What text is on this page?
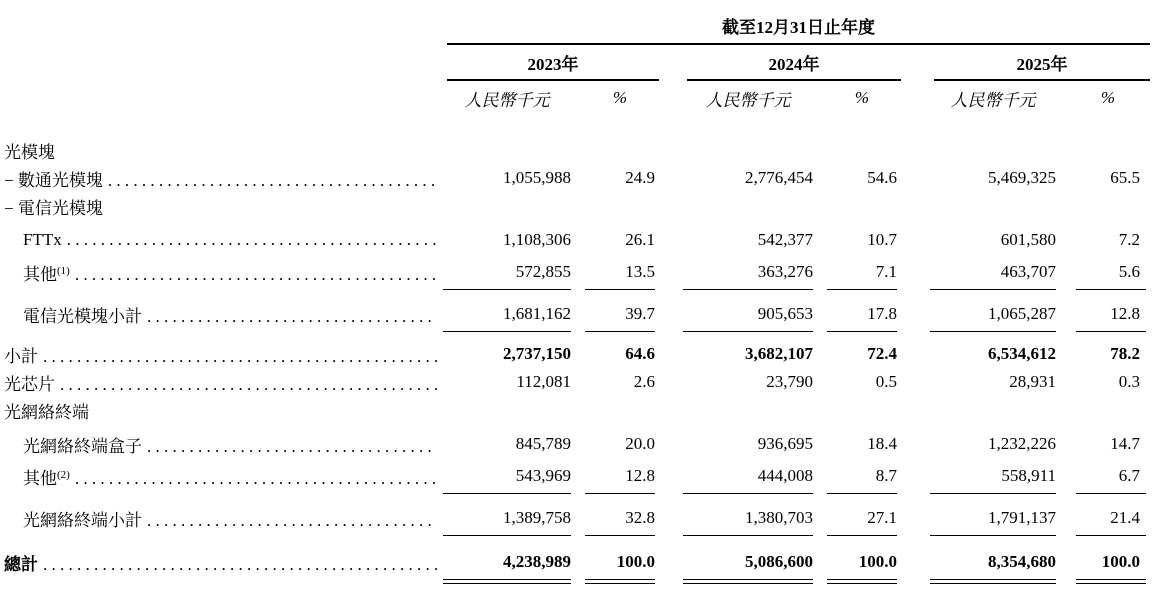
截至12月31日止年度
2023年	2024年	2025年
人民幣千元	%	人民幣千元	%	人民幣千元	%
光模塊
− 數通光模塊 . . .	1,055,988	24.9	2,776,454	54.6	5,469,325	65.5
− 電信光模塊
FTTx . . .	1,108,306	26.1	542,377	10.7	601,580	7.2
其他$^{(1)}$ . . .	572,855	13.5	363,276	7.1	463,707	5.6
電信光模塊小計 . . .	1,681,162	39.7	905,653	17.8	1,065,287	12.8
小計 . . .	2,737,150	64.6	3,682,107	72.4	6,534,612	78.2
光芯片 . . .	112,081	2.6	23,790	0.5	28,931	0.3
光網絡終端
光網絡終端盒子 . . .	845,789	20.0	936,695	18.4	1,232,226	14.7
其他$^{(2)}$ . . .	543,969	12.8	444,008	8.7	558,911	6.7
光網絡終端小計 . . .	1,389,758	32.8	1,380,703	27.1	1,791,137	21.4
總計 . . .	4,238,989	100.0	5,086,600	100.0	8,354,680	100.0
